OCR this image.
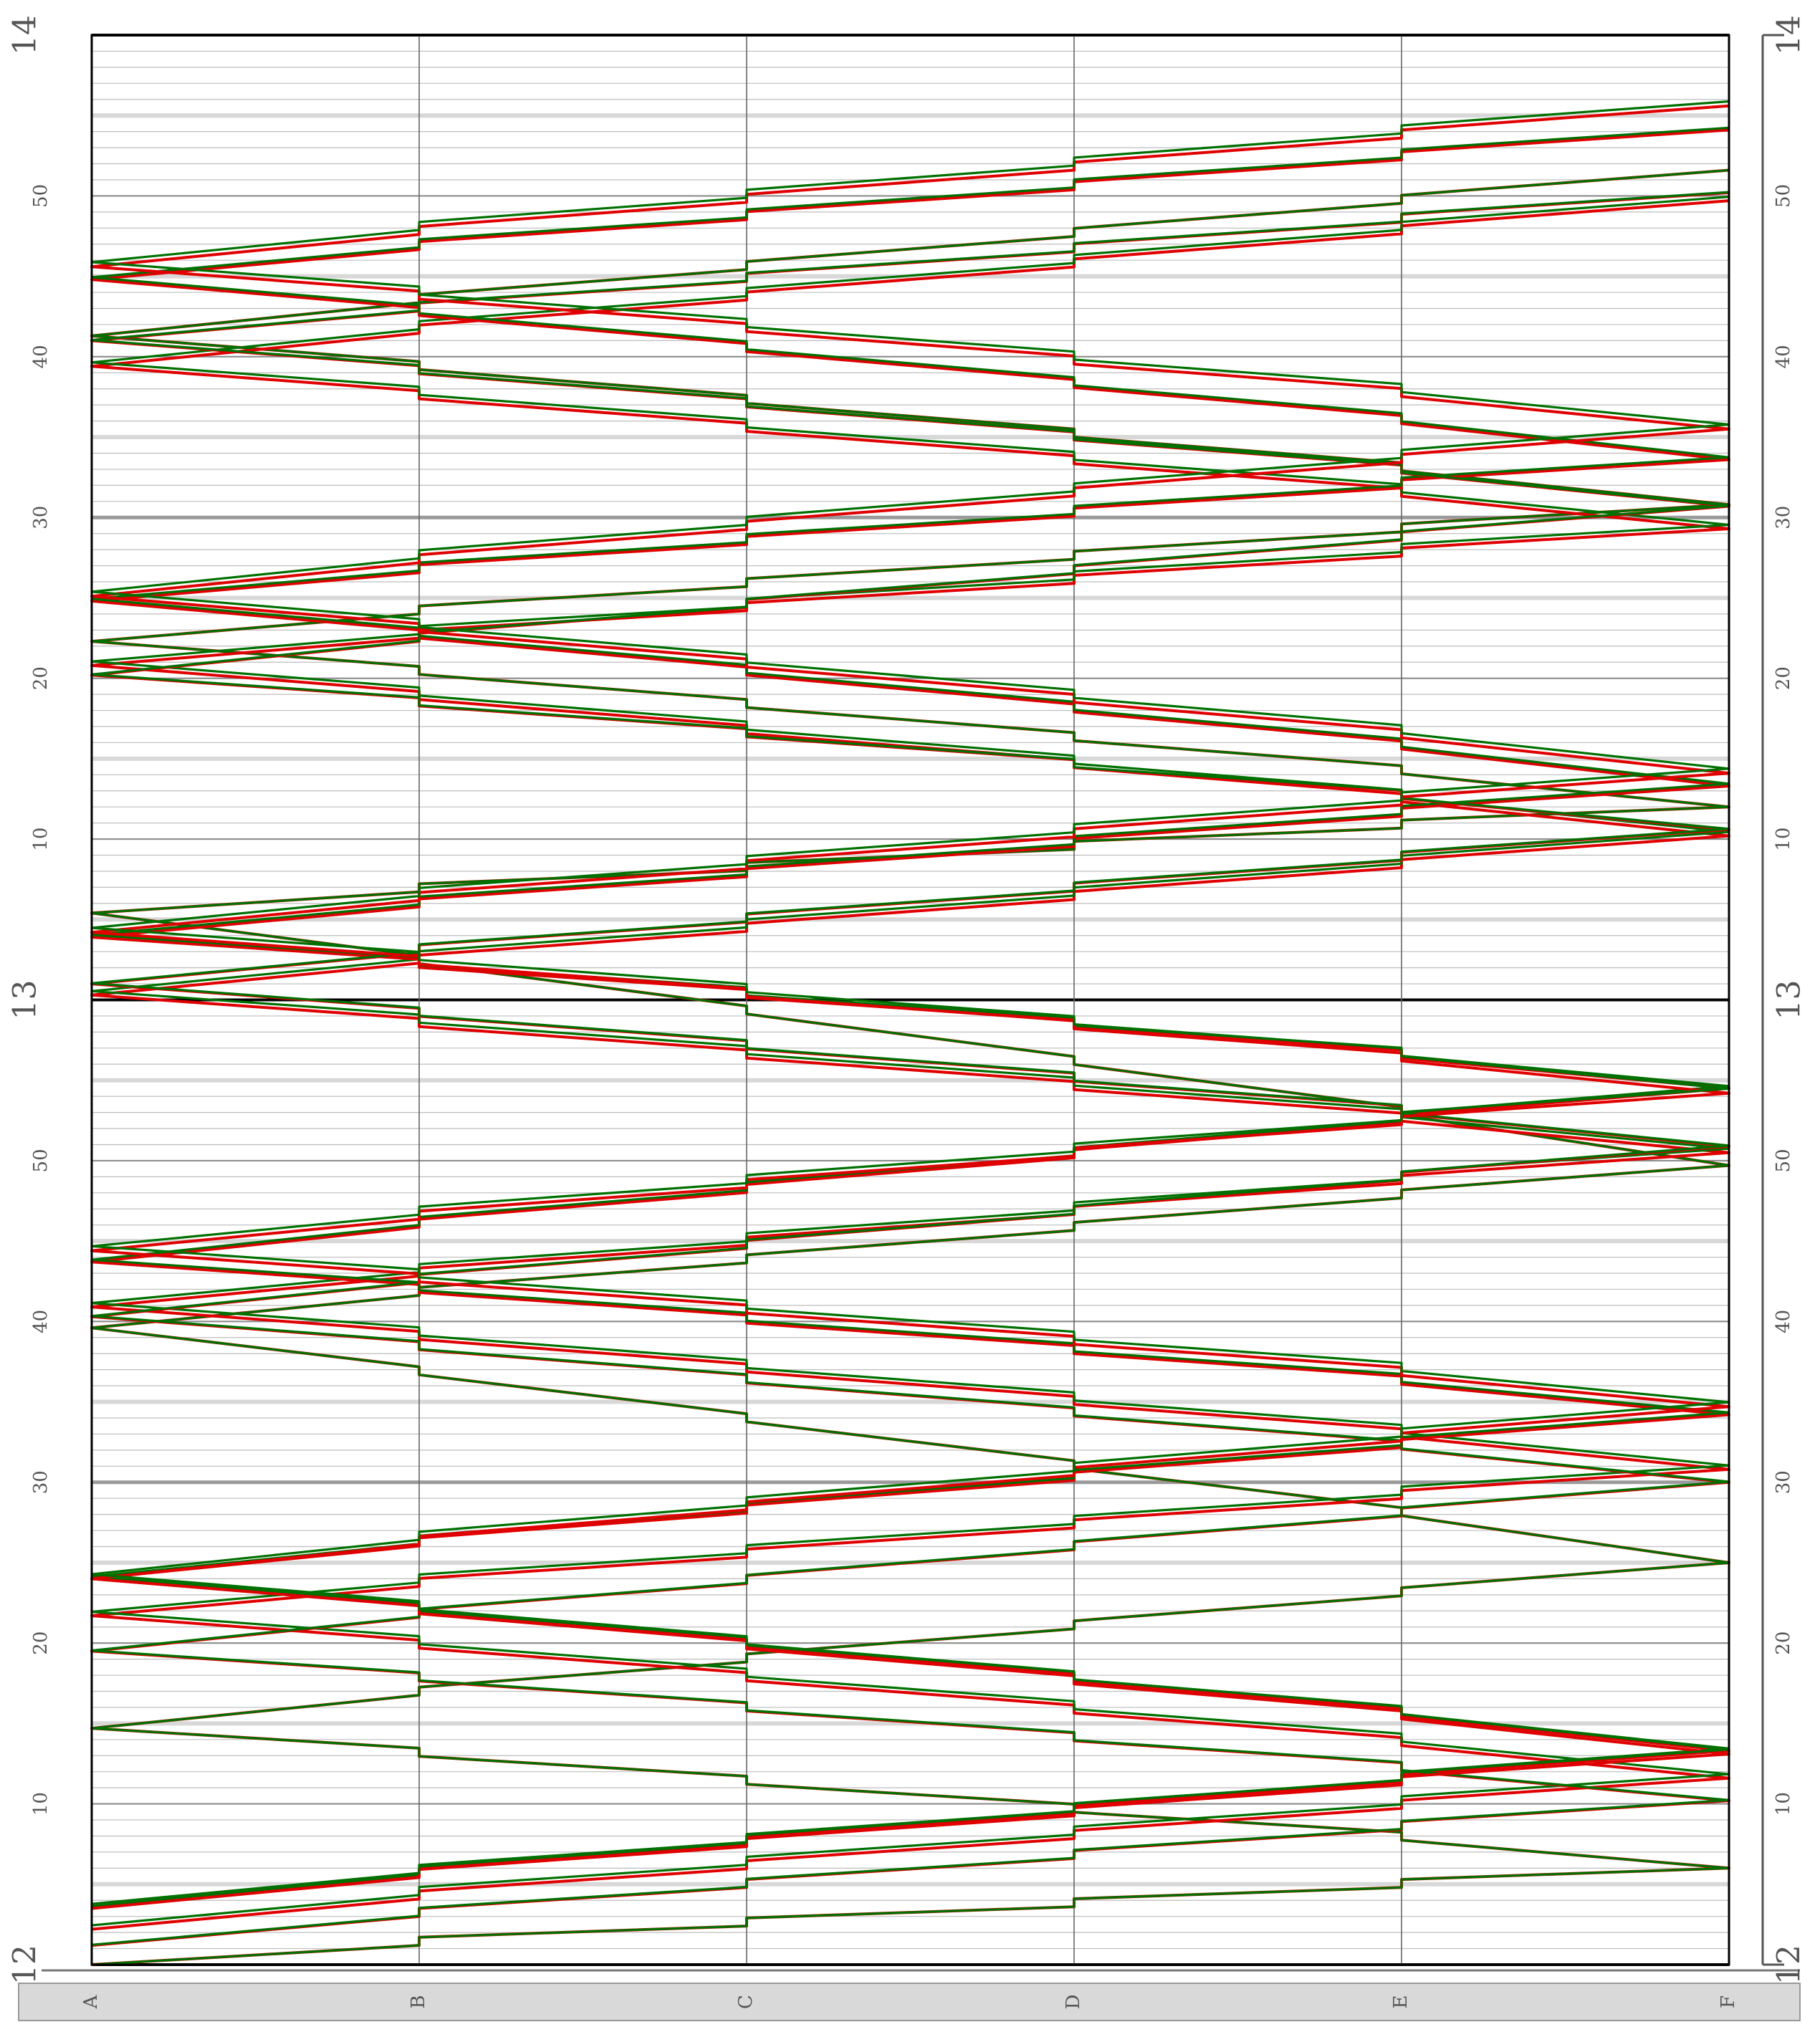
12	12
13	13
14	14
10	10
20	20
30	30
40	40
50	50
10	10
20	20
30	30
40	40
50	50
A	B	C	D	E	F
